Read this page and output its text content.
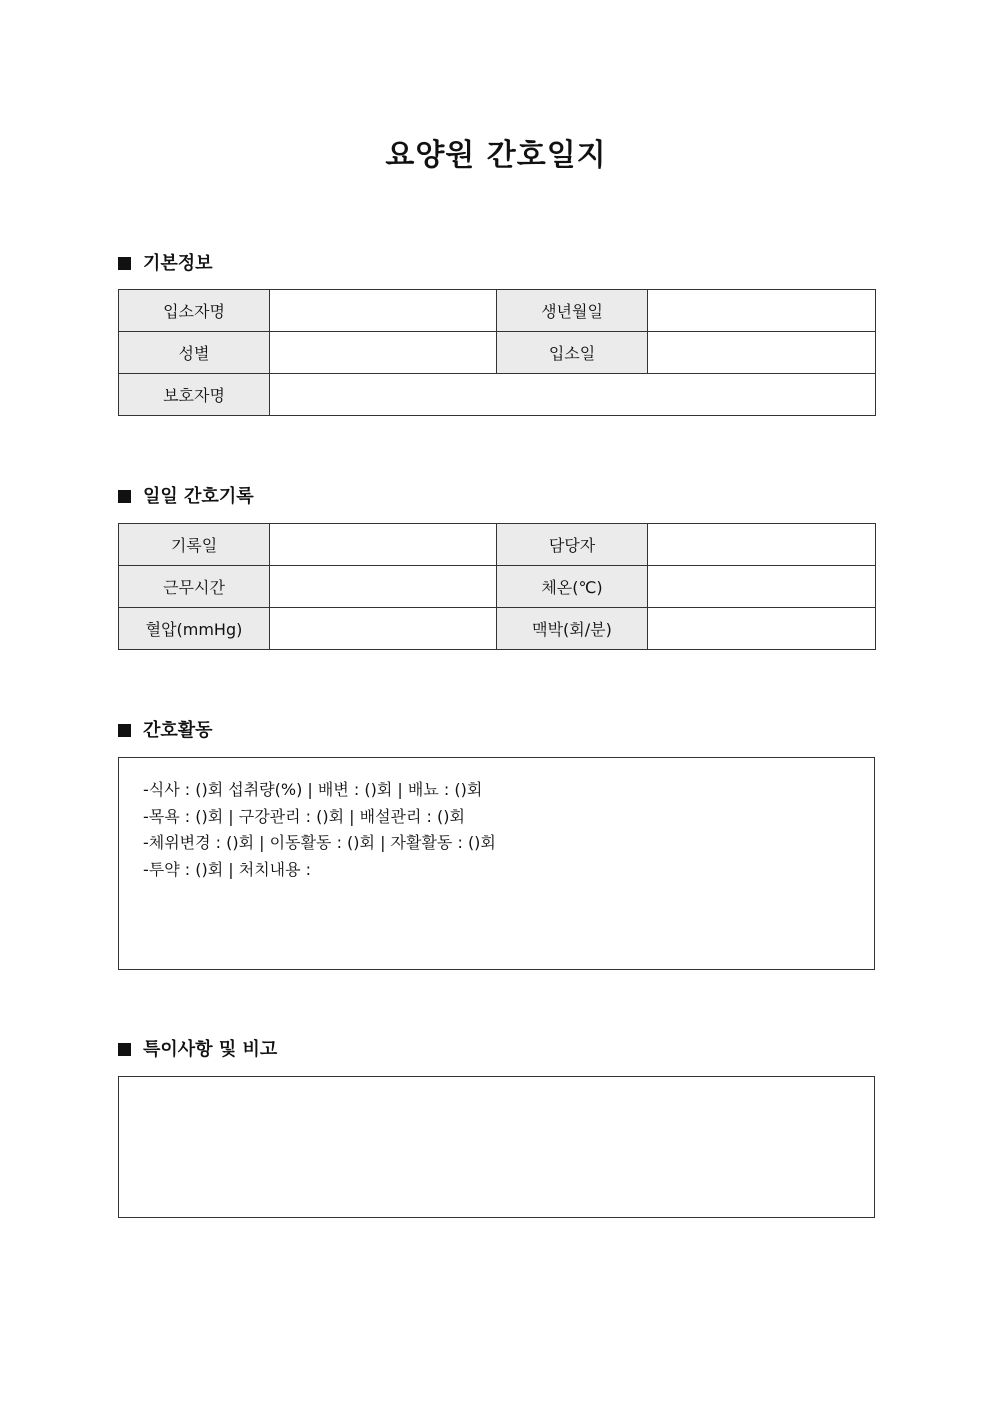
요양원 간호일지
기본정보
입소자명		생년월일	
성별		입소일	
보호자명			
일일 간호기록
기록일		담당자	
근무시간		체온(℃)	
혈압(mmHg)		맥박(회/분)	
간호활동
-식사 : ()회 섭취량(%) | 배변 : ()회 | 배뇨 : ()회
-목욕 : ()회 | 구강관리 : ()회 | 배설관리 : ()회
-체위변경 : ()회 | 이동활동 : ()회 | 자활활동 : ()회
-투약 : ()회 | 처치내용 :
특이사항 및 비고
